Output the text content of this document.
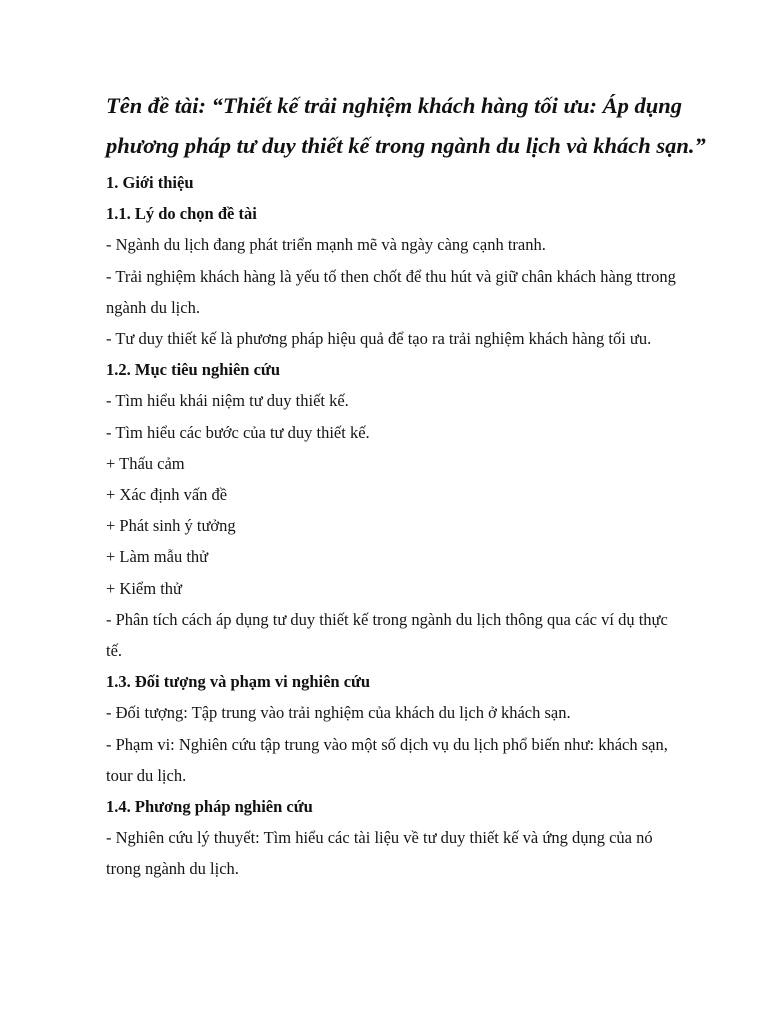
Tên đề tài: “Thiết kế trải nghiệm khách hàng tối ưu: Áp dụng
phương pháp tư duy thiết kế trong ngành du lịch và khách sạn.”
1. Giới thiệu
1.1. Lý do chọn đề tài
- Ngành du lịch đang phát triển mạnh mẽ và ngày càng cạnh tranh.
- Trải nghiệm khách hàng là yếu tố then chốt để thu hút và giữ chân khách hàng ttrong
ngành du lịch.
- Tư duy thiết kế là phương pháp hiệu quả để tạo ra trải nghiệm khách hàng tối ưu.
1.2. Mục tiêu nghiên cứu
- Tìm hiểu khái niệm tư duy thiết kế.
- Tìm hiểu các bước của tư duy thiết kế.
+ Thấu cảm
+ Xác định vấn đề
+ Phát sinh ý tưởng
+ Làm mẫu thử
+ Kiểm thử
- Phân tích cách áp dụng tư duy thiết kế trong ngành du lịch thông qua các ví dụ thực
tế.
1.3. Đối tượng và phạm vi nghiên cứu
- Đối tượng: Tập trung vào trải nghiệm của khách du lịch ở khách sạn.
- Phạm vi: Nghiên cứu tập trung vào một số dịch vụ du lịch phổ biến như: khách sạn,
tour du lịch.
1.4. Phương pháp nghiên cứu
- Nghiên cứu lý thuyết: Tìm hiểu các tài liệu về tư duy thiết kế và ứng dụng của nó
trong ngành du lịch.
